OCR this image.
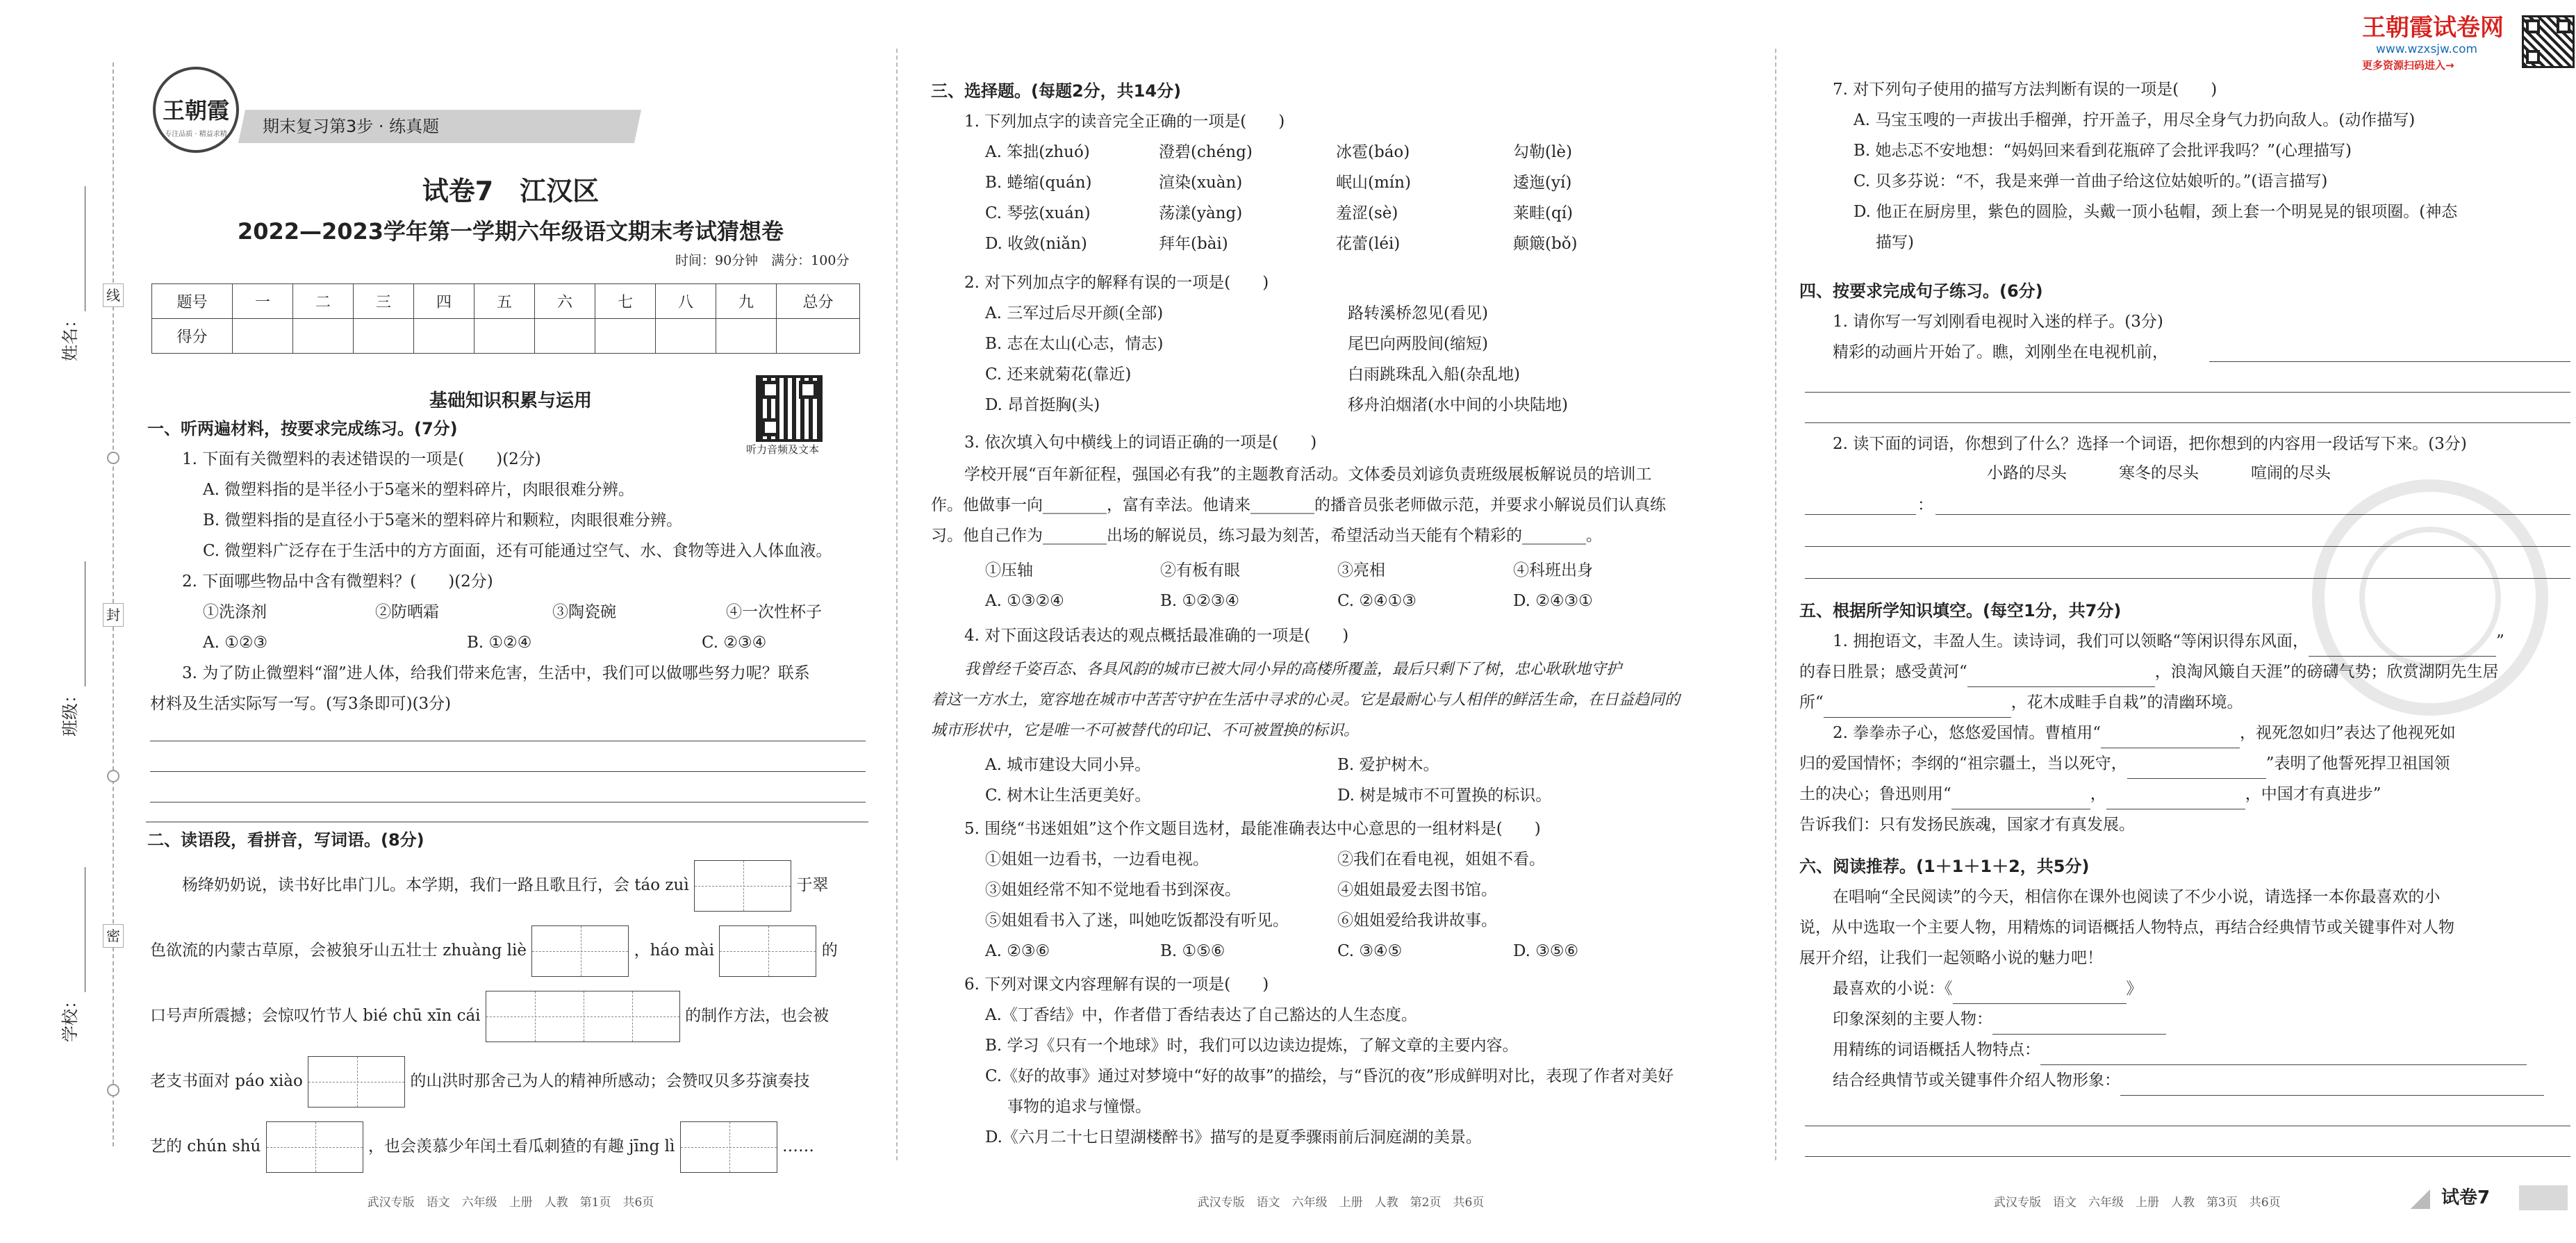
线
封
密
姓名：
班级：
学校：
王朝霞
专注品质 · 精益求精	期末复习第3步 · 练真题
试卷7　江汉区
2022—2023学年第一学期六年级语文期末考试猜想卷
时间：90分钟　满分：100分
题号	一	二	三	四	五	六	七	八	九	总分
得分										
听力音频及文本
基础知识积累与运用
一、听两遍材料，按要求完成练习。(7分)
1. 下面有关微塑料的表述错误的一项是(　　)(2分)
A. 微塑料指的是半径小于5毫米的塑料碎片，肉眼很难分辨。
B. 微塑料指的是直径小于5毫米的塑料碎片和颗粒，肉眼很难分辨。
C. 微塑料广泛存在于生活中的方方面面，还有可能通过空气、水、食物等进入人体血液。
2. 下面哪些物品中含有微塑料？(　　)(2分)
①洗涤剂	②防晒霜	③陶瓷碗	④一次性杯子
A. ①②③	B. ①②④	C. ②③④
3. 为了防止微塑料“溜”进人体，给我们带来危害，生活中，我们可以做哪些努力呢？联系
材料及生活实际写一写。(写3条即可)(3分)
二、读语段，看拼音，写词语。(8分)
杨绛奶奶说，读书好比串门儿。本学期，我们一路且歌且行，会 táo zuì	于翠
色欲流的内蒙古草原，会被狼牙山五壮士 zhuàng liè	，háo mài	的
口号声所震撼；会惊叹竹节人 bié chū xīn cái	的制作方法，也会被
老支书面对 páo xiào	的山洪时那舍己为人的精神所感动；会赞叹贝多芬演奏技
艺的 chún shú	，也会羡慕少年闰土看瓜刺猹的有趣 jīng lì	……
武汉专版　语文　六年级　上册　人教　第1页　共6页
三、选择题。(每题2分，共14分)
1. 下列加点字的读音完全正确的一项是(　　)
A. 笨拙(zhuó)	澄碧(chéng)	冰雹(báo)	勾勒(lè)
B. 蜷缩(quán)	渲染(xuàn)	岷山(mín)	逶迤(yí)
C. 琴弦(xuán)	荡漾(yàng)	羞涩(sè)	莱畦(qí)
D. 收敛(niǎn)	拜年(bài)	花蕾(léi)	颠簸(bǒ)
2. 对下列加点字的解释有误的一项是(　　)
A. 三军过后尽开颜(全部)	路转溪桥忽见(看见)
B. 志在太山(心志，情志)	尾巴向两股间(缩短)
C. 还来就菊花(靠近)	白雨跳珠乱入船(杂乱地)
D. 昂首挺胸(头)	移舟泊烟渚(水中间的小块陆地)
3. 依次填入句中横线上的词语正确的一项是(　　)
学校开展“百年新征程，强国必有我”的主题教育活动。文体委员刘谚负责班级展板解说员的培训工
作。他做事一向________，富有幸法。他请来________的播音员张老师做示范，并要求小解说员们认真练
习。他自己作为________出场的解说员，练习最为刻苦，希望活动当天能有个精彩的________。
①压轴	②有板有眼	③亮相	④科班出身
A. ①③②④	B. ①②③④	C. ②④①③	D. ②④③①
4. 对下面这段话表达的观点概括最准确的一项是(　　)
我曾经千姿百态、各具风韵的城市已被大同小异的高楼所覆盖，最后只剩下了树，忠心耿耿地守护
着这一方水土，宽容地在城市中苦苦守护在生活中寻求的心灵。它是最耐心与人相伴的鲜活生命，在日益趋同的
城市形状中，它是唯一不可被替代的印记、不可被置换的标识。
A. 城市建设大同小异。	B. 爱护树木。
C. 树木让生活更美好。	D. 树是城市不可置换的标识。
5. 围绕“书迷姐姐”这个作文题目选材，最能准确表达中心意思的一组材料是(　　)
①姐姐一边看书，一边看电视。	②我们在看电视，姐姐不看。
③姐姐经常不知不觉地看书到深夜。	④姐姐最爱去图书馆。
⑤姐姐看书入了迷，叫她吃饭都没有听见。	⑥姐姐爱给我讲故事。
A. ②③⑥	B. ①⑤⑥	C. ③④⑤	D. ③⑤⑥
6. 下列对课文内容理解有误的一项是(　　)
A.《丁香结》中，作者借丁香结表达了自己豁达的人生态度。
B. 学习《只有一个地球》时，我们可以边读边提炼，了解文章的主要内容。
C.《好的故事》通过对梦境中“好的故事”的描绘，与“昏沉的夜”形成鲜明对比，表现了作者对美好
事物的追求与憧憬。
D.《六月二十七日望湖楼醉书》描写的是夏季骤雨前后洞庭湖的美景。
武汉专版　语文　六年级　上册　人教　第2页　共6页
王朝霞试卷网
www.wzxsjw.com
更多资源扫码进入→
7. 对下列句子使用的描写方法判断有误的一项是(　　)
A. 马宝玉嗖的一声拔出手榴弹，拧开盖子，用尽全身气力扔向敌人。(动作描写)
B. 她忐忑不安地想：“妈妈回来看到花瓶碎了会批评我吗？”(心理描写)
C. 贝多芬说：“不，我是来弹一首曲子给这位姑娘听的。”(语言描写)
D. 他正在厨房里，紫色的圆脸，头戴一顶小毡帽，颈上套一个明晃晃的银项圈。(神态
描写)
四、按要求完成句子练习。(6分)
1. 请你写一写刘刚看电视时入迷的样子。(3分)
精彩的动画片开始了。瞧，刘刚坐在电视机前，
2. 读下面的词语，你想到了什么？选择一个词语，把你想到的内容用一段话写下来。(3分)
小路的尽头	寒冬的尽头	喧闹的尽头
：
五、根据所学知识填空。(每空1分，共7分)
1. 拥抱语文，丰盈人生。读诗词，我们可以领略“等闲识得东风面，	”
的春日胜景；感受黄河“	，浪淘风簸自天涯”的磅礴气势；欣赏湖阴先生居
所“	，花木成畦手自栽”的清幽环境。
2. 拳拳赤子心，悠悠爱国情。曹植用“	，视死忽如归”表达了他视死如
归的爱国情怀；李纲的“祖宗疆土，当以死守，	”表明了他誓死捍卫祖国领
土的决心；鲁迅则用“	，	，中国才有真进步”
告诉我们：只有发扬民族魂，国家才有真发展。
六、阅读推荐。(1＋1＋1＋2，共5分)
在唱响“全民阅读”的今天，相信你在课外也阅读了不少小说，请选择一本你最喜欢的小
说，从中选取一个主要人物，用精炼的词语概括人物特点，再结合经典情节或关键事件对人物
展开介绍，让我们一起领略小说的魅力吧！
最喜欢的小说：《	》
印象深刻的主要人物：
用精练的词语概括人物特点：
结合经典情节或关键事件介绍人物形象：
武汉专版　语文　六年级　上册　人教　第3页　共6页	试卷7
